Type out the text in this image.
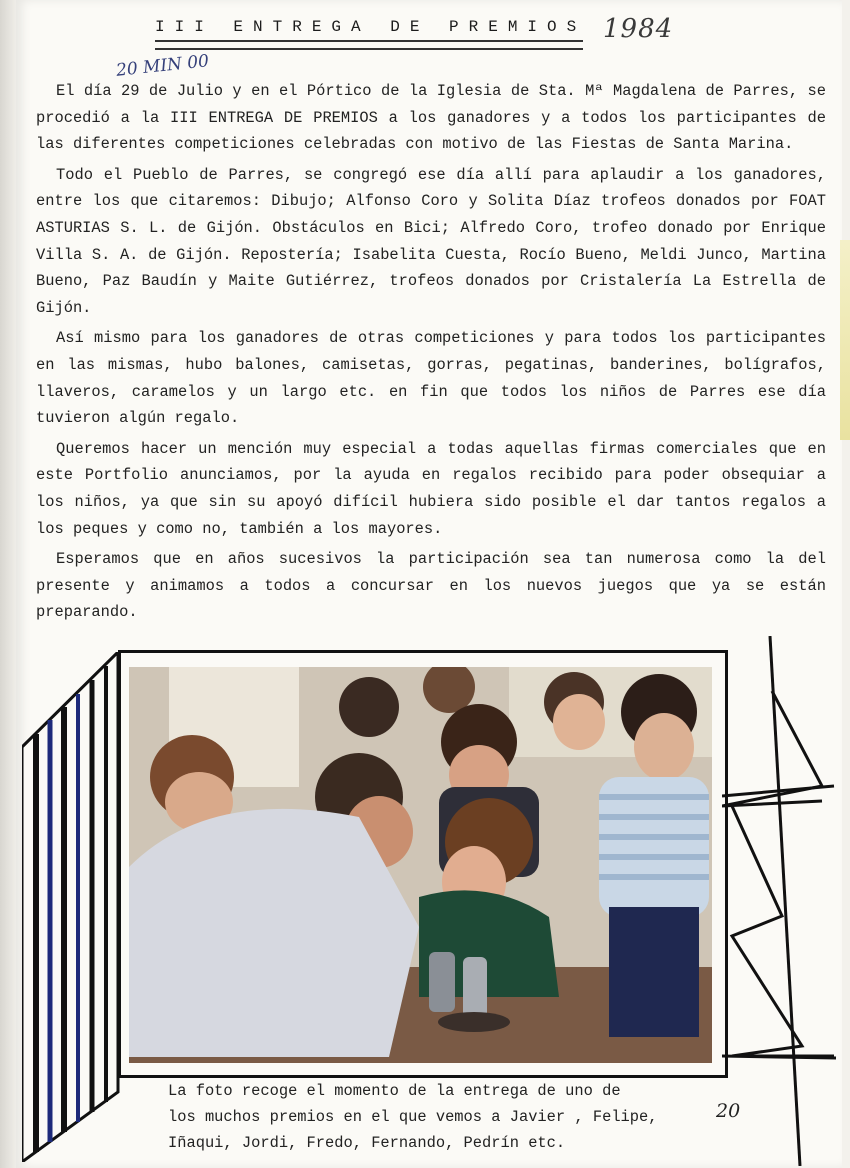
III ENTREGA DE PREMIOS 1984
20 MIN 00

El día 29 de Julio y en el Pórtico de la Iglesia de Sta. Mª Magdalena de Parres, se procedió a la III ENTREGA DE PREMIOS a los ganadores y a todos los participantes de las diferentes competiciones celebradas con motivo de las Fiestas de Santa Marina.

Todo el Pueblo de Parres, se congregó ese día allí para aplaudir a los ganadores, entre los que citaremos: Dibujo; Alfonso Coro y Solita Díaz trofeos donados por FOAT ASTURIAS S. L. de Gijón. Obstáculos en Bici; Alfredo Coro, trofeo donado por Enrique Villa S. A. de Gijón. Repostería; Isabelita Cuesta, Rocío Bueno, Meldi Junco, Martina Bueno, Paz Baudín y Maite Gutiérrez, trofeos donados por Cristalería La Estrella de Gijón.

Así mismo para los ganadores de otras competiciones y para todos los participantes en las mismas, hubo balones, camisetas, gorras, pegatinas, banderines, bolígrafos, llaveros, caramelos y un largo etc. en fin que todos los niños de Parres ese día tuvieron algún regalo.

Queremos hacer un mención muy especial a todas aquellas firmas comerciales que en este Portfolio anunciamos, por la ayuda en regalos recibido para poder obsequiar a los niños, ya que sin su apoyó difícil hubiera sido posible el dar tantos regalos a los peques y como no, también a los mayores.

Esperamos que en años sucesivos la participación sea tan numerosa como la del presente y animamos a todos a concursar en los nuevos juegos que ya se están preparando.

La foto recoge el momento de la entrega de uno de
los muchos premios en el que vemos a Javier , Felipe,
Iñaqui, Jordi, Fredo, Fernando, Pedrín etc.
20
